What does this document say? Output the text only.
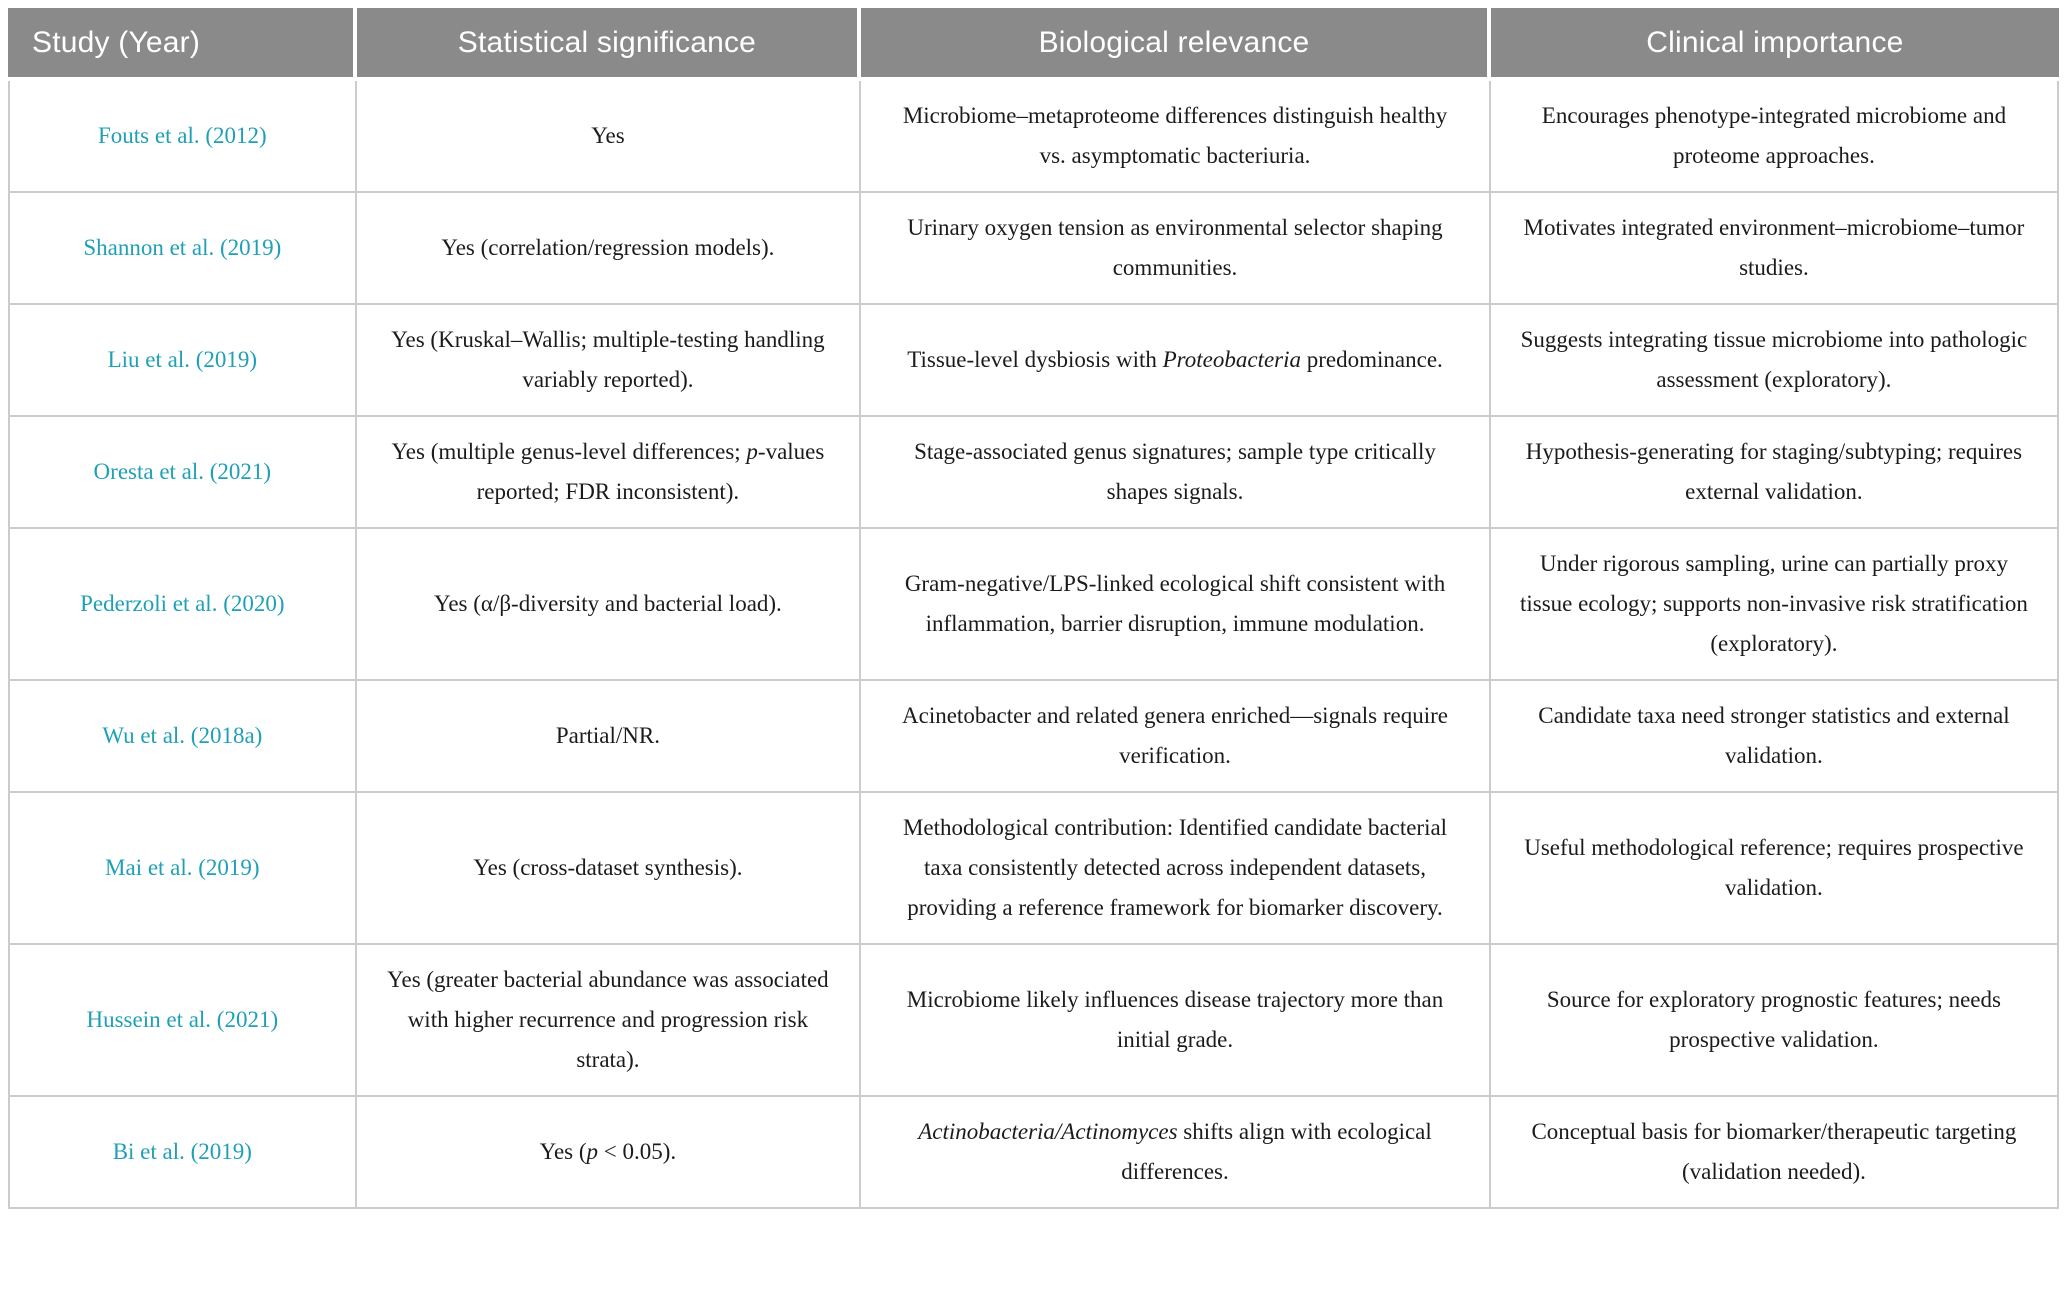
Study (Year)	Statistical significance	Biological relevance	Clinical importance
Fouts et al. (2012)	Yes	Microbiome–metaproteome differences distinguish healthy vs. asymptomatic bacteriuria.	Encourages phenotype-integrated microbiome and proteome approaches.
Shannon et al. (2019)	Yes (correlation/regression models).	Urinary oxygen tension as environmental selector shaping communities.	Motivates integrated environment–microbiome–tumor studies.
Liu et al. (2019)	Yes (Kruskal–Wallis; multiple-testing handling variably reported).	Tissue-level dysbiosis with Proteobacteria predominance.	Suggests integrating tissue microbiome into pathologic assessment (exploratory).
Oresta et al. (2021)	Yes (multiple genus-level differences; p-values reported; FDR inconsistent).	Stage-associated genus signatures; sample type critically shapes signals.	Hypothesis-generating for staging/subtyping; requires external validation.
Pederzoli et al. (2020)	Yes (α/β-diversity and bacterial load).	Gram-negative/LPS-linked ecological shift consistent with inflammation, barrier disruption, immune modulation.	Under rigorous sampling, urine can partially proxy tissue ecology; supports non-invasive risk stratification (exploratory).
Wu et al. (2018a)	Partial/NR.	Acinetobacter and related genera enriched—signals require verification.	Candidate taxa need stronger statistics and external validation.
Mai et al. (2019)	Yes (cross-dataset synthesis).	Methodological contribution: Identified candidate bacterial taxa consistently detected across independent datasets, providing a reference framework for biomarker discovery.	Useful methodological reference; requires prospective validation.
Hussein et al. (2021)	Yes (greater bacterial abundance was associated with higher recurrence and progression risk strata).	Microbiome likely influences disease trajectory more than initial grade.	Source for exploratory prognostic features; needs prospective validation.
Bi et al. (2019)	Yes (p < 0.05).	Actinobacteria/Actinomyces shifts align with ecological differences.	Conceptual basis for biomarker/therapeutic targeting (validation needed).
